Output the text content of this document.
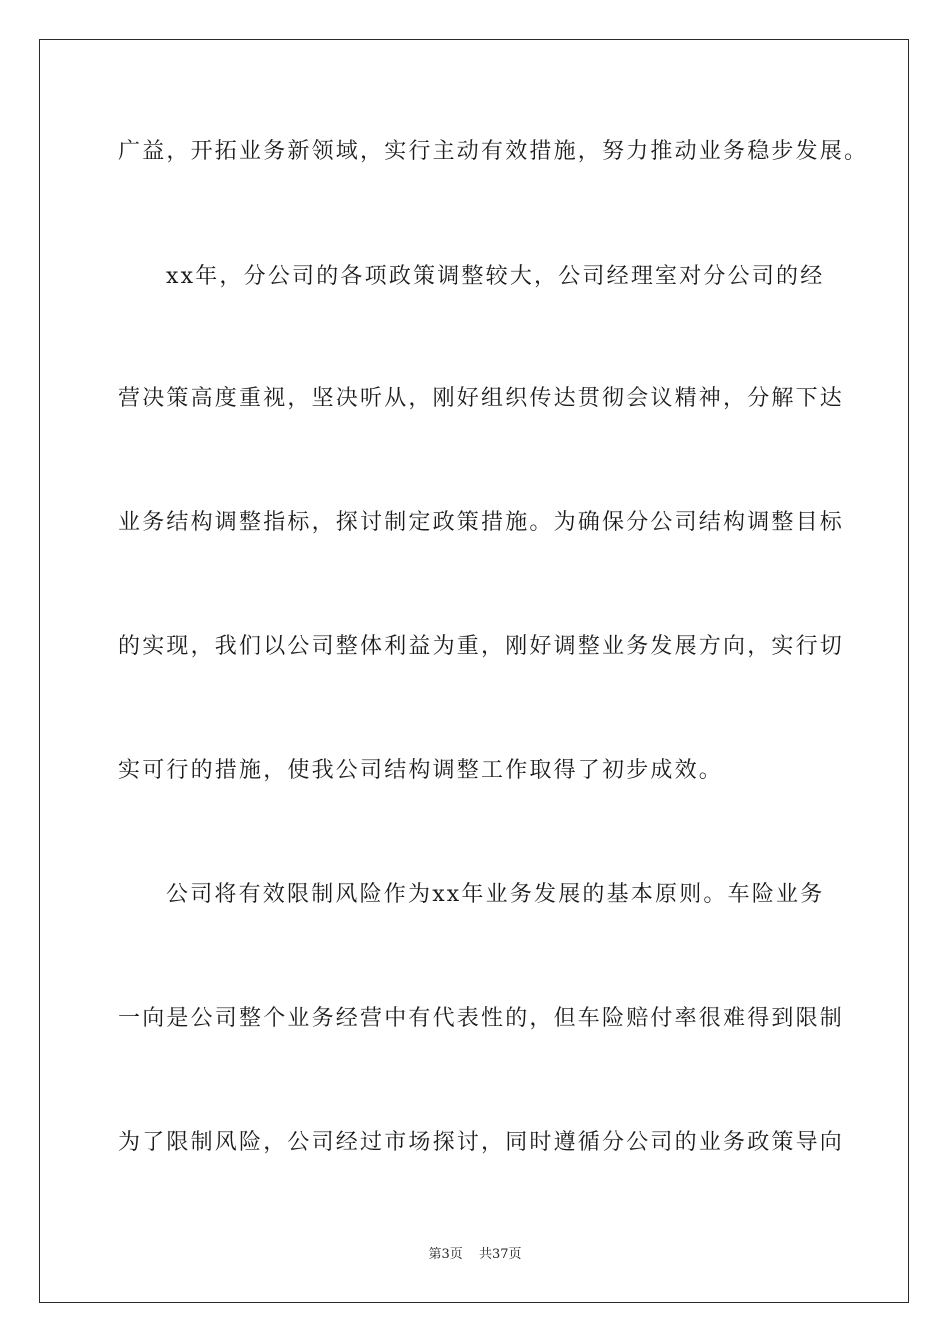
广益，开拓业务新领域，实行主动有效措施，努力推动业务稳步发展。
xx年，分公司的各项政策调整较大，公司经理室对分公司的经
营决策高度重视，坚决听从，刚好组织传达贯彻会议精神，分解下达
业务结构调整指标，探讨制定政策措施。为确保分公司结构调整目标
的实现，我们以公司整体利益为重，刚好调整业务发展方向，实行切
实可行的措施，使我公司结构调整工作取得了初步成效。
公司将有效限制风险作为xx年业务发展的基本原则。车险业务
一向是公司整个业务经营中有代表性的，但车险赔付率很难得到限制
为了限制风险，公司经过市场探讨，同时遵循分公司的业务政策导向
第3页 共37页
